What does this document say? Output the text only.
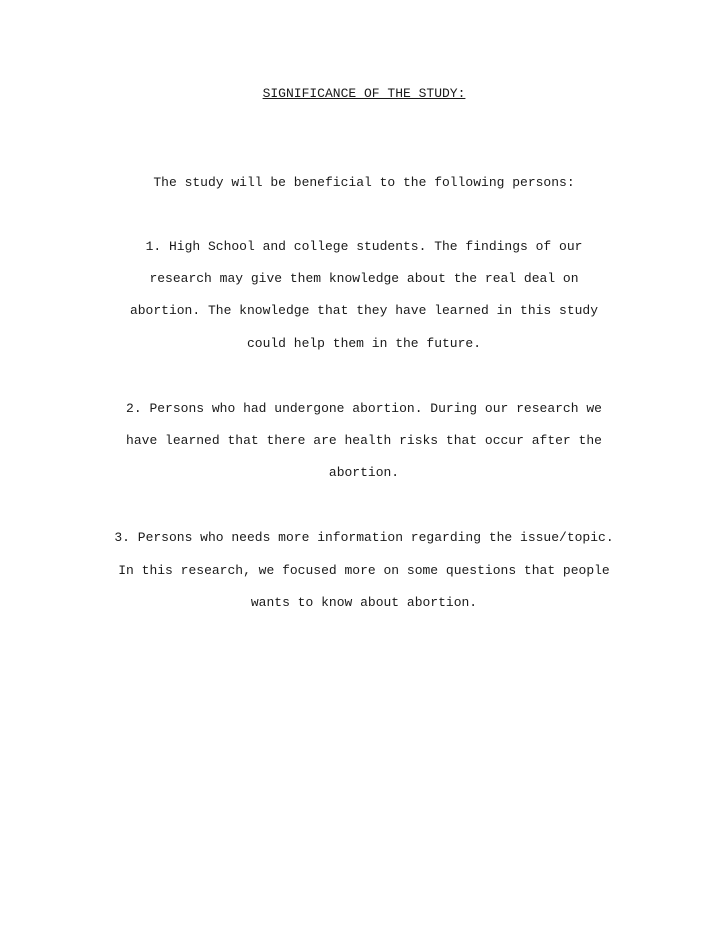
SIGNIFICANCE OF THE STUDY:
The study will be beneficial to the following persons:
1. High School and college students. The findings of our
research may give them knowledge about the real deal on
abortion. The knowledge that they have learned in this study
could help them in the future.
2. Persons who had undergone abortion. During our research we
have learned that there are health risks that occur after the
abortion.
3. Persons who needs more information regarding the issue/topic.
In this research, we focused more on some questions that people
wants to know about abortion.
